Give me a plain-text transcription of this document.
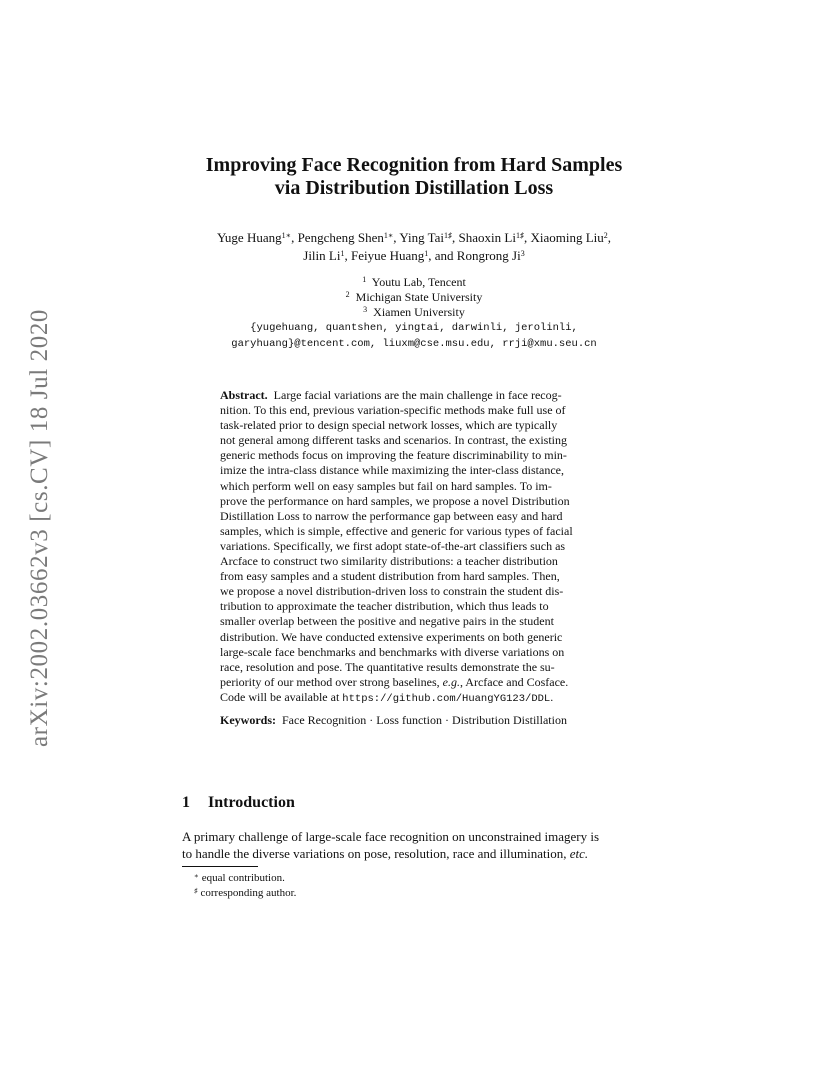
arXiv:2002.03662v3 [cs.CV] 18 Jul 2020
Improving Face Recognition from Hard Samples
via Distribution Distillation Loss
Yuge Huang$^{1∗}$, Pengcheng Shen$^{1∗}$, Ying Tai$^{1♯}$, Shaoxin $Li^{1♯}$, Xiaoming Liu$^2$,
Jilin Li$^1$, Feiyue Huang$^1$, and Rongrong Ji$^3$
$^1$ Youtu Lab, Tencent
$^2$ Michigan State University
$^3$ Xiamen University
{yugehuang, quantshen, yingtai, darwinli, jerolinli,
garyhuang}@tencent.com, liuxm@cse.msu.edu, rrji@xmu.seu.cn
Abstract. Large facial variations are the main challenge in face recog-
nition. To this end, previous variation-specific methods make full use of
task-related prior to design special network losses, which are typically
not general among different tasks and scenarios. In contrast, the existing
generic methods focus on improving the feature discriminability to min-
imize the intra-class distance while maximizing the inter-class distance,
which perform well on easy samples but fail on hard samples. To im-
prove the performance on hard samples, we propose a novel Distribution
Distillation Loss to narrow the performance gap between easy and hard
samples, which is simple, effective and generic for various types of facial
variations. Specifically, we first adopt state-of-the-art classifiers such as
Arcface to construct two similarity distributions: a teacher distribution
from easy samples and a student distribution from hard samples. Then,
we propose a novel distribution-driven loss to constrain the student dis-
tribution to approximate the teacher distribution, which thus leads to
smaller overlap between the positive and negative pairs in the student
distribution. We have conducted extensive experiments on both generic
large-scale face benchmarks and benchmarks with diverse variations on
race, resolution and pose. The quantitative results demonstrate the su-
periority of our method over strong baselines, e.g., Arcface and Cosface.
Code will be available at https://github.com/HuangYG123/DDL.
Keywords: Face Recognition · Loss function · Distribution Distillation
1 Introduction
A primary challenge of large-scale face recognition on unconstrained imagery is
to handle the diverse variations on pose, resolution, race and illumination, etc.
∗ equal contribution.
♯ corresponding author.
